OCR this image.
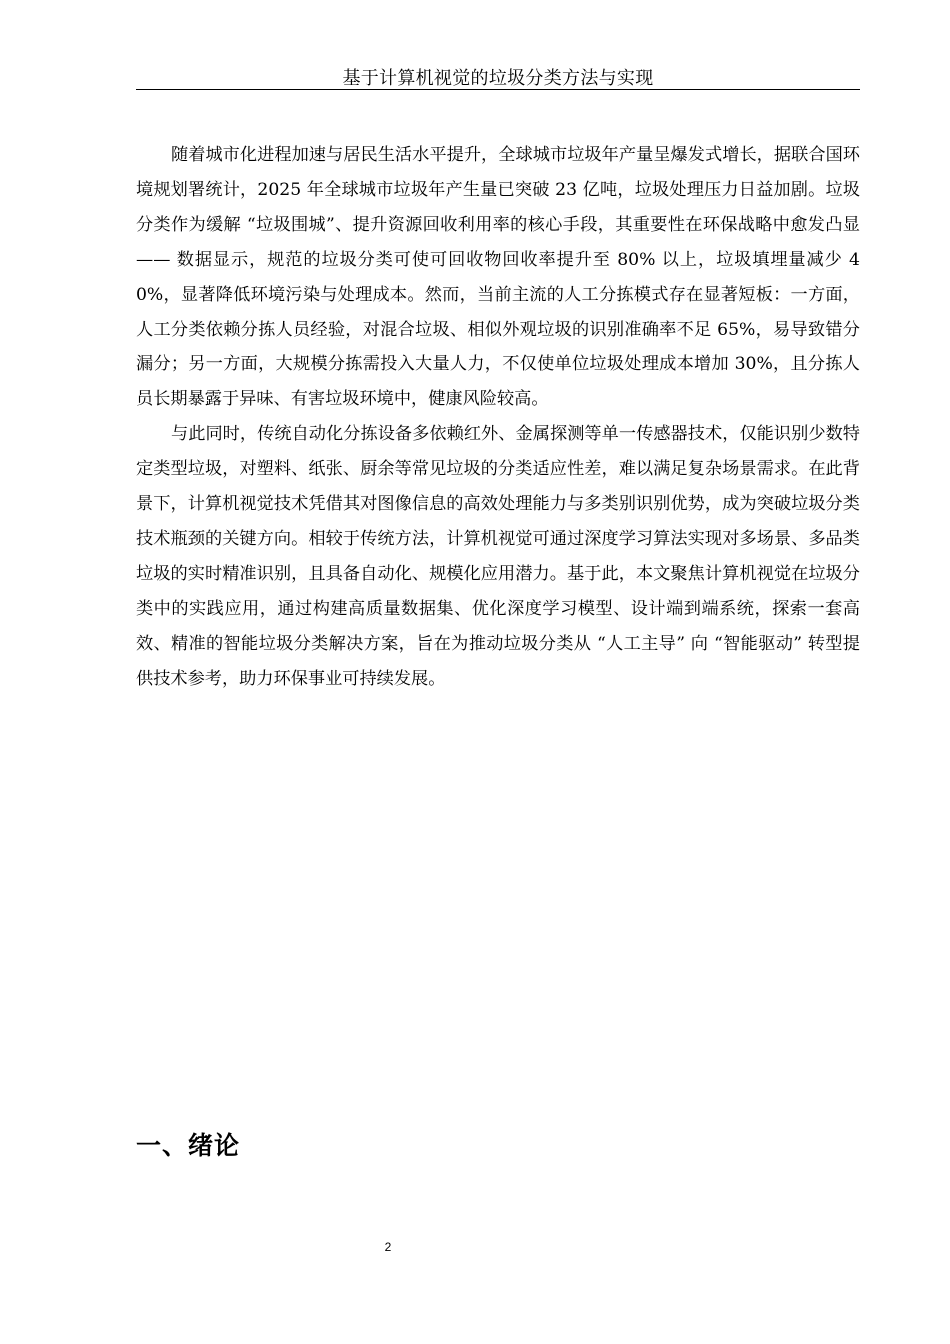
基于计算机视觉的垃圾分类方法与实现

随着城市化进程加速与居民生活水平提升，全球城市垃圾年产量呈爆发式增长，据联合国环境规划署统计，2025 年全球城市垃圾年产生量已突破 23 亿吨，垃圾处理压力日益加剧。垃圾分类作为缓解 “垃圾围城”、提升资源回收利用率的核心手段，其重要性在环保战略中愈发凸显 —— 数据显示，规范的垃圾分类可使可回收物回收率提升至 80% 以上，垃圾填埋量减少 40%，显著降低环境污染与处理成本。然而，当前主流的人工分拣模式存在显著短板：一方面，人工分类依赖分拣人员经验，对混合垃圾、相似外观垃圾的识别准确率不足 65%，易导致错分漏分；另一方面，大规模分拣需投入大量人力，不仅使单位垃圾处理成本增加 30%，且分拣人员长期暴露于异味、有害垃圾环境中，健康风险较高。

与此同时，传统自动化分拣设备多依赖红外、金属探测等单一传感器技术，仅能识别少数特定类型垃圾，对塑料、纸张、厨余等常见垃圾的分类适应性差，难以满足复杂场景需求。在此背景下，计算机视觉技术凭借其对图像信息的高效处理能力与多类别识别优势，成为突破垃圾分类技术瓶颈的关键方向。相较于传统方法，计算机视觉可通过深度学习算法实现对多场景、多品类垃圾的实时精准识别，且具备自动化、规模化应用潜力。基于此，本文聚焦计算机视觉在垃圾分类中的实践应用，通过构建高质量数据集、优化深度学习模型、设计端到端系统，探索一套高效、精准的智能垃圾分类解决方案，旨在为推动垃圾分类从 “人工主导” 向 “智能驱动” 转型提供技术参考，助力环保事业可持续发展。

一、绪论
2
